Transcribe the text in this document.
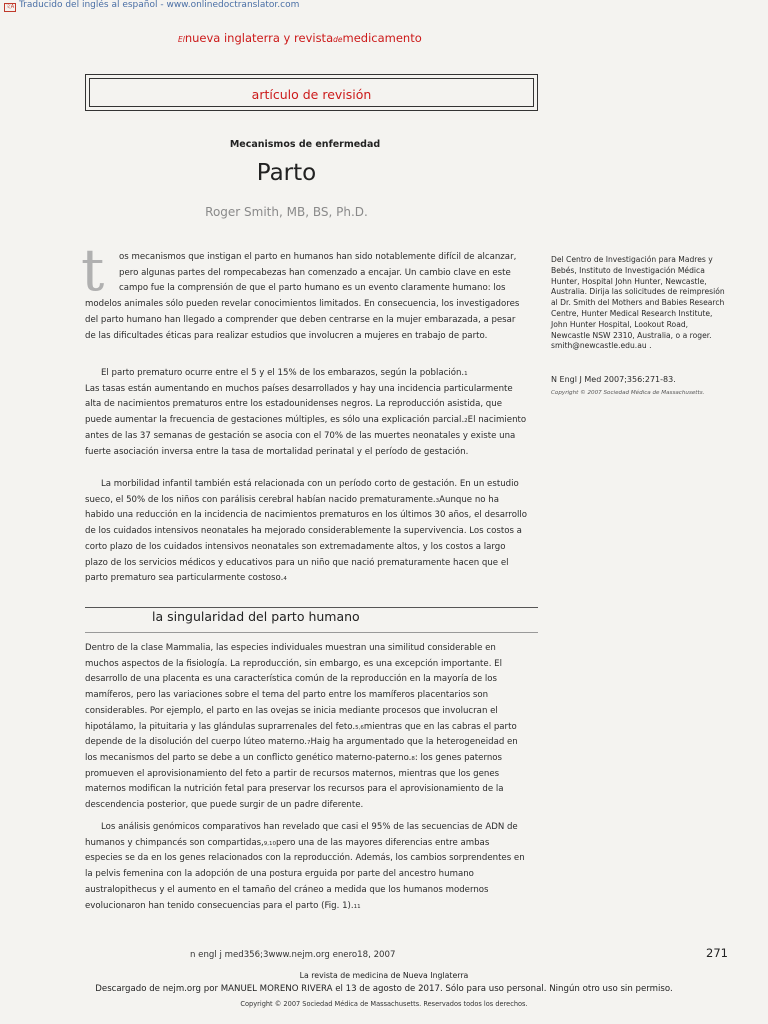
文A Traducido del inglés al español - www.onlinedoctranslator.com
Elnueva inglaterra y revistademedicamento
artículo de revisión
Mecanismos de enfermedad
Parto
Roger Smith, MB, BS, Ph.D.
t os mecanismos que instigan el parto en humanos han sido notablemente difícil de alcanzar,
pero algunas partes del rompecabezas han comenzado a encajar. Un cambio clave en este
campo fue la comprensión de que el parto humano es un evento claramente humano: los
modelos animales sólo pueden revelar conocimientos limitados. En consecuencia, los investigadores
del parto humano han llegado a comprender que deben centrarse en la mujer embarazada, a pesar
de las dificultades éticas para realizar estudios que involucren a mujeres en trabajo de parto.
El parto prematuro ocurre entre el 5 y el 15% de los embarazos, según la población.1
Las tasas están aumentando en muchos países desarrollados y hay una incidencia particularmente
alta de nacimientos prematuros entre los estadounidenses negros. La reproducción asistida, que
puede aumentar la frecuencia de gestaciones múltiples, es sólo una explicación parcial.2El nacimiento
antes de las 37 semanas de gestación se asocia con el 70% de las muertes neonatales y existe una
fuerte asociación inversa entre la tasa de mortalidad perinatal y el período de gestación.
La morbilidad infantil también está relacionada con un período corto de gestación. En un estudio
sueco, el 50% de los niños con parálisis cerebral habían nacido prematuramente.3Aunque no ha
habido una reducción en la incidencia de nacimientos prematuros en los últimos 30 años, el desarrollo
de los cuidados intensivos neonatales ha mejorado considerablemente la supervivencia. Los costos a
corto plazo de los cuidados intensivos neonatales son extremadamente altos, y los costos a largo
plazo de los servicios médicos y educativos para un niño que nació prematuramente hacen que el
parto prematuro sea particularmente costoso.4
la singularidad del parto humano
Dentro de la clase Mammalia, las especies individuales muestran una similitud considerable en
muchos aspectos de la fisiología. La reproducción, sin embargo, es una excepción importante. El
desarrollo de una placenta es una característica común de la reproducción en la mayoría de los
mamíferos, pero las variaciones sobre el tema del parto entre los mamíferos placentarios son
considerables. Por ejemplo, el parto en las ovejas se inicia mediante procesos que involucran el
hipotálamo, la pituitaria y las glándulas suprarrenales del feto.5,6mientras que en las cabras el parto
depende de la disolución del cuerpo lúteo materno.7Haig ha argumentado que la heterogeneidad en
los mecanismos del parto se debe a un conflicto genético materno-paterno.8: los genes paternos
promueven el aprovisionamiento del feto a partir de recursos maternos, mientras que los genes
maternos modifican la nutrición fetal para preservar los recursos para el aprovisionamiento de la
descendencia posterior, que puede surgir de un padre diferente.
Los análisis genómicos comparativos han revelado que casi el 95% de las secuencias de ADN de
humanos y chimpancés son compartidas,9,10pero una de las mayores diferencias entre ambas
especies se da en los genes relacionados con la reproducción. Además, los cambios sorprendentes en
la pelvis femenina con la adopción de una postura erguida por parte del ancestro humano
australopithecus y el aumento en el tamaño del cráneo a medida que los humanos modernos
evolucionaron han tenido consecuencias para el parto (Fig. 1).11
Del Centro de Investigación para Madres y
Bebés, Instituto de Investigación Médica
Hunter, Hospital John Hunter, Newcastle,
Australia. Dirija las solicitudes de reimpresión
al Dr. Smith del Mothers and Babies Research
Centre, Hunter Medical Research Institute,
John Hunter Hospital, Lookout Road,
Newcastle NSW 2310, Australia, o a roger.
smith@newcastle.edu.au .
N Engl J Med 2007;356:271-83.
Copyright © 2007 Sociedad Médica de Massachusetts.
n engl j med356;3www.nejm.org enero18, 2007	271
La revista de medicina de Nueva Inglaterra
Descargado de nejm.org por MANUEL MORENO RIVERA el 13 de agosto de 2017. Sólo para uso personal. Ningún otro uso sin permiso.
Copyright © 2007 Sociedad Médica de Massachusetts. Reservados todos los derechos.
